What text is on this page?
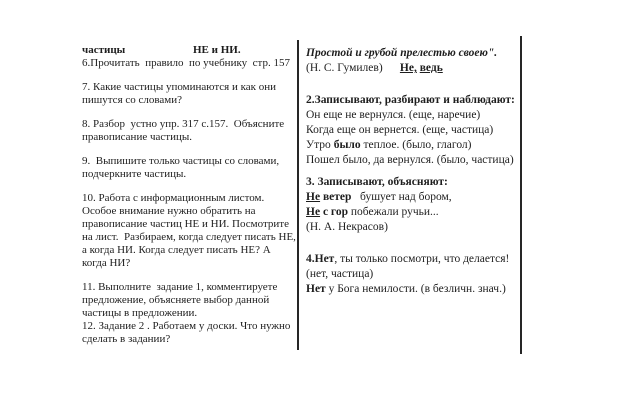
частицы	НЕ и НИ.
6.Прочитать  правило  по учебнику  стр. 157
7. Какие частицы упоминаются и как они
пишутся со словами?
8. Разбор  устно упр. 317 с.157.  Объясните
правописание частицы.
9.  Выпишите только частицы со словами,
подчеркните частицы.
10. Работа с информационным листом.
Особое внимание нужно обратить на
правописание частиц НЕ и НИ. Посмотрите
на лист.  Разбираем, когда следует писать НЕ,
а когда НИ. Когда следует писать НЕ? А
когда НИ?
11. Выполните  задание 1, комментируете
предложение, объясняете выбор данной
частицы в предложении.
12. Задание 2 . Работаем у доски. Что нужно
сделать в задании?
Простой и грубой прелестью своею".
(Н. С. Гумилев) Не, ведь
2.Записывают, разбирают и наблюдают:
Он еще не вернулся. (еще, наречие)
Когда еще он вернется. (еще, частица)
Утро было теплое. (было, глагол)
Пошел было, да вернулся. (было, частица)
3. Записывают, объясняют:
Не ветер   бушует над бором,
Не с гор побежали ручьи...
(Н. А. Некрасов)
4.Нет, ты только посмотри, что делается!
(нет, частица)
Нет у Бога немилости. (в безличн. знач.)
